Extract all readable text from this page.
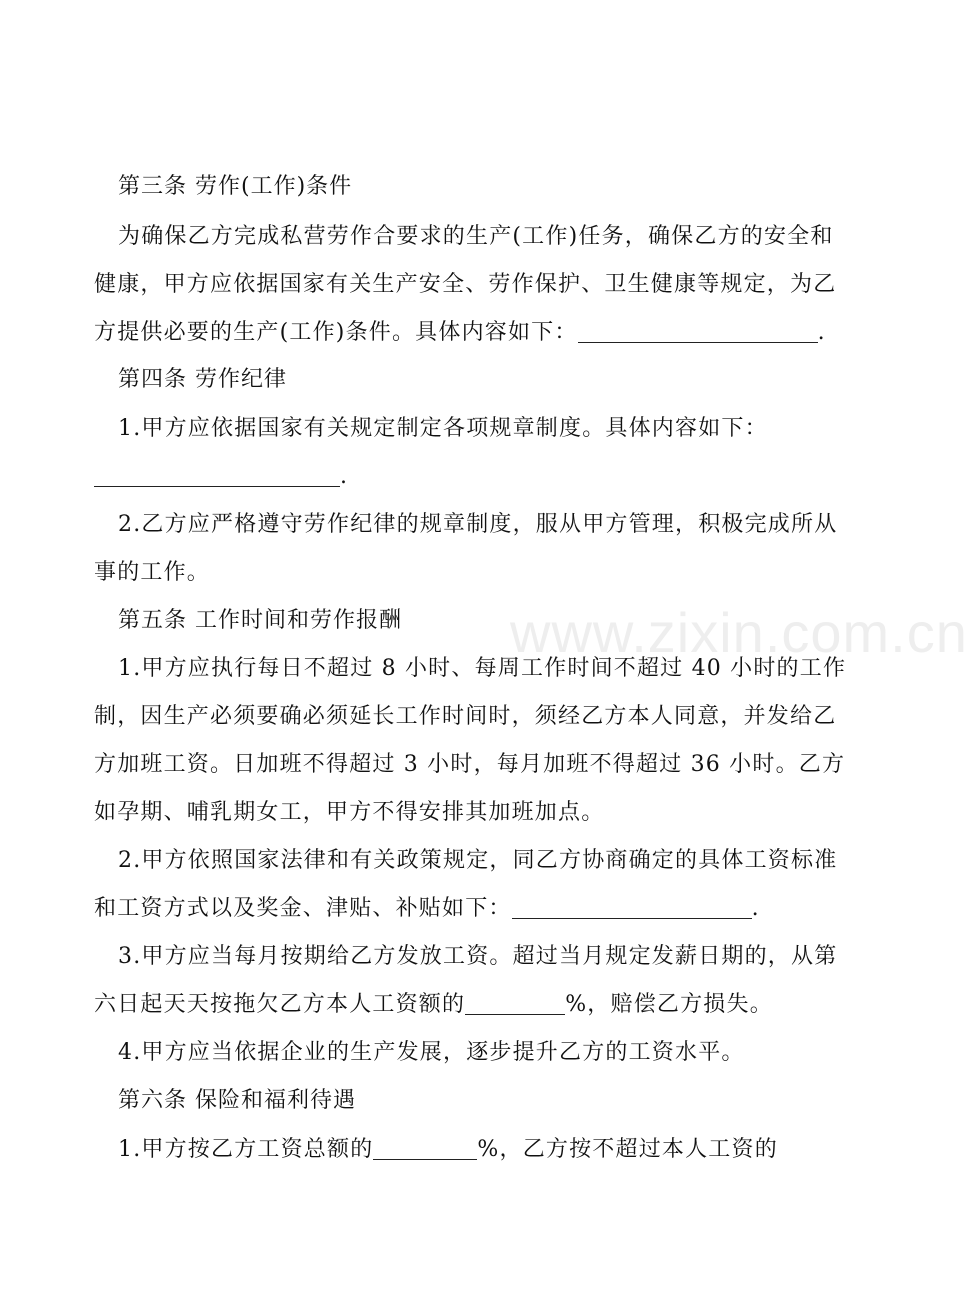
www.zixin.com.cn
第三条 劳作(工作)条件
为确保乙方完成私营劳作合要求的生产(工作)任务，确保乙方的安全和
健康，甲方应依据国家有关生产安全、劳作保护、卫生健康等规定，为乙
方提供必要的生产(工作)条件。具体内容如下：	.
第四条 劳作纪律
1.甲方应依据国家有关规定制定各项规章制度。具体内容如下：
.
2.乙方应严格遵守劳作纪律的规章制度，服从甲方管理，积极完成所从
事的工作。
第五条 工作时间和劳作报酬
1.甲方应执行每日不超过 8 小时、每周工作时间不超过 40 小时的工作
制，因生产必须要确必须延长工作时间时，须经乙方本人同意，并发给乙
方加班工资。日加班不得超过 3 小时，每月加班不得超过 36 小时。乙方
如孕期、哺乳期女工，甲方不得安排其加班加点。
2.甲方依照国家法律和有关政策规定，同乙方协商确定的具体工资标准
和工资方式以及奖金、津贴、补贴如下：	.
3.甲方应当每月按期给乙方发放工资。超过当月规定发薪日期的，从第
六日起天天按拖欠乙方本人工资额的	%，赔偿乙方损失。
4.甲方应当依据企业的生产发展，逐步提升乙方的工资水平。
第六条 保险和福利待遇
1.甲方按乙方工资总额的	%，乙方按不超过本人工资的
